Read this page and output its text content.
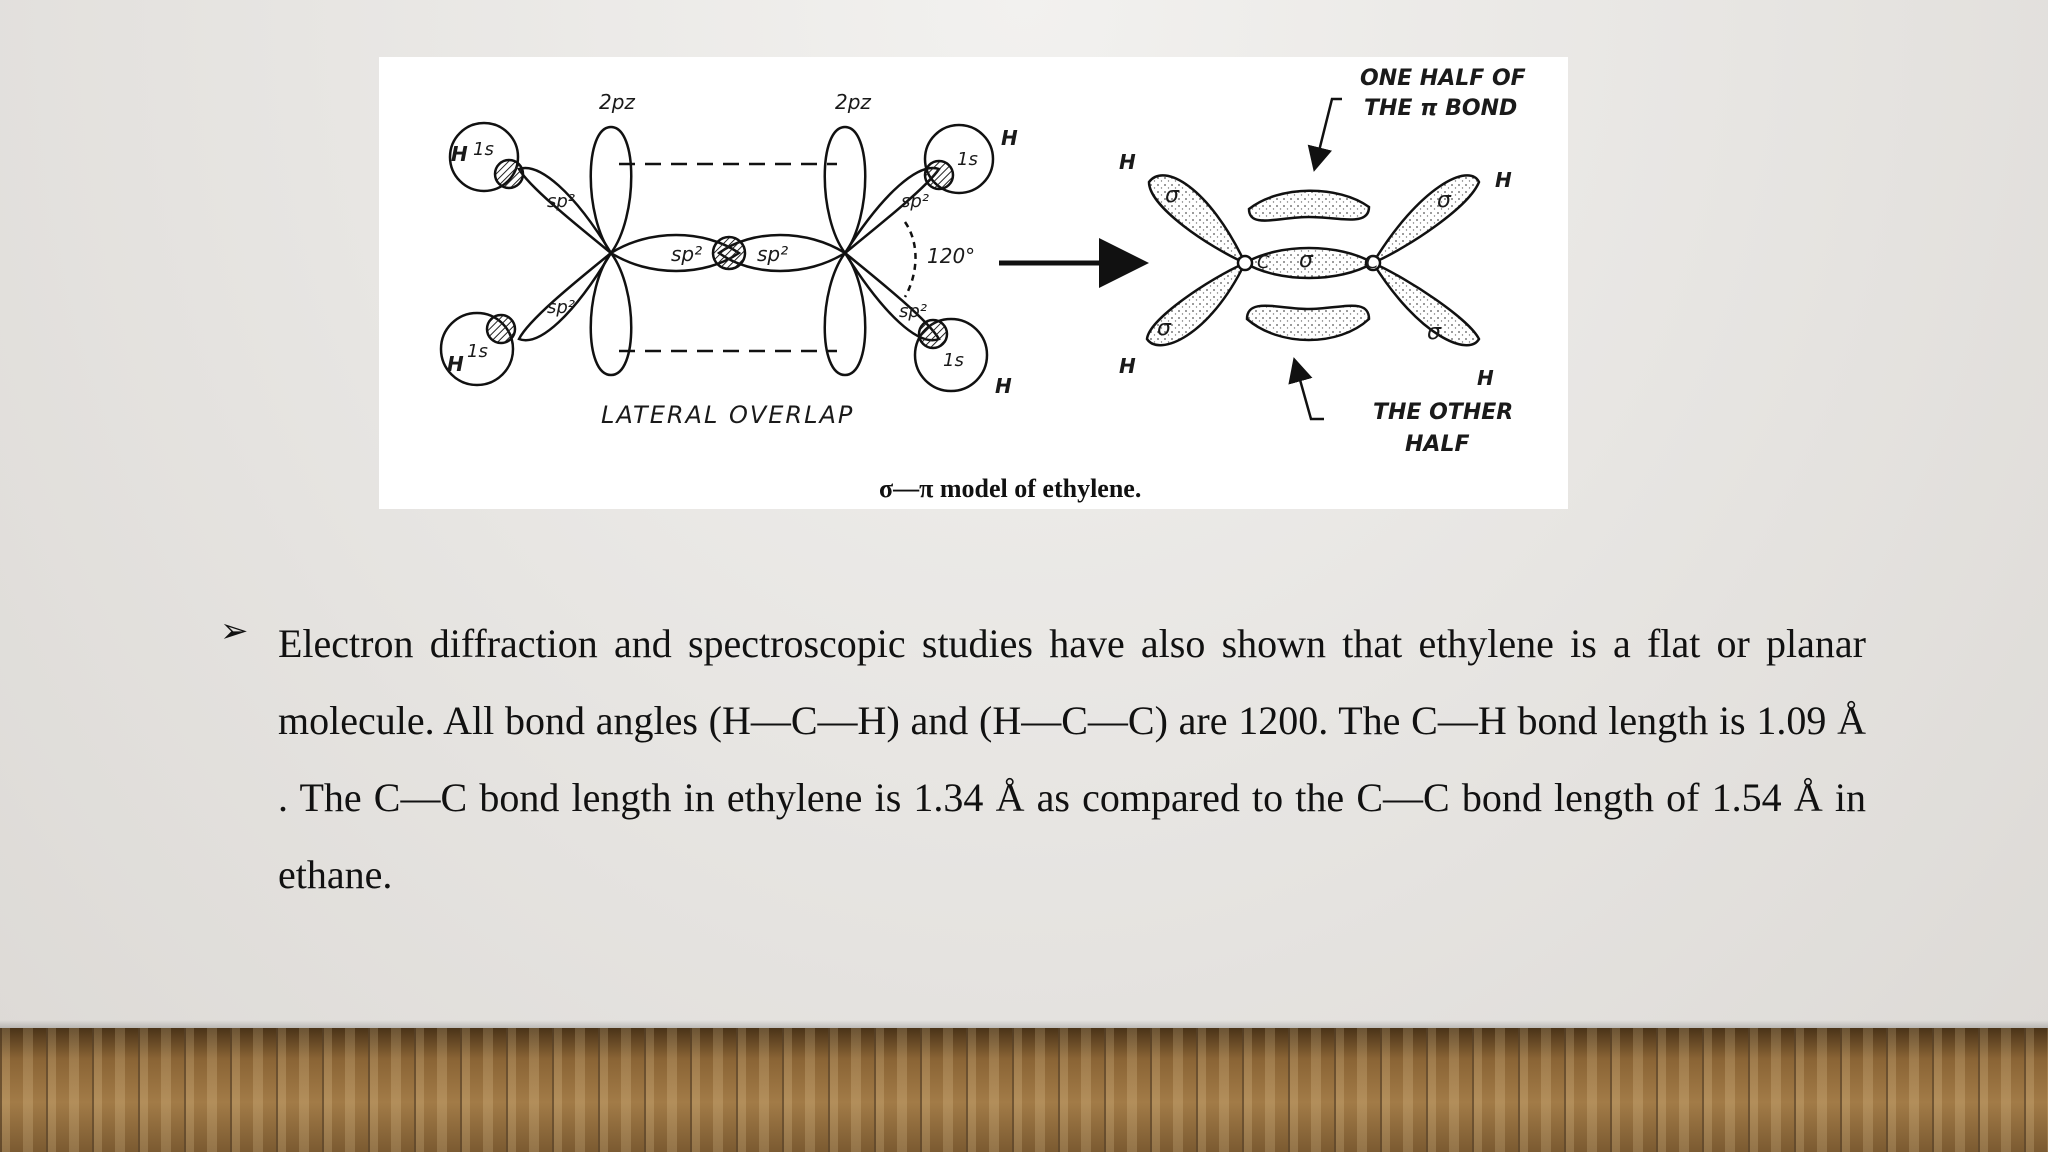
2pz	2pz
sp²	sp²
sp²
sp²
sp²
sp²
1s
1s
1s
1s
H
H
H
H
120°
LATERAL OVERLAP
C	C
σ
σ
σ
σ
σ
H
H
H
H
ONE HALF OF
THE π BOND
THE OTHER
HALF
σ—π model of ethylene.
➢ Electron diffraction and spectroscopic studies have also shown that ethylene is a flat or planar molecule. All bond angles (H—C—H) and (H—C—C) are 1200. The C—H bond length is 1.09 Å . The C—C bond length in ethylene is 1.34 Å as compared to the C—C bond length of 1.54 Å in ethane.
